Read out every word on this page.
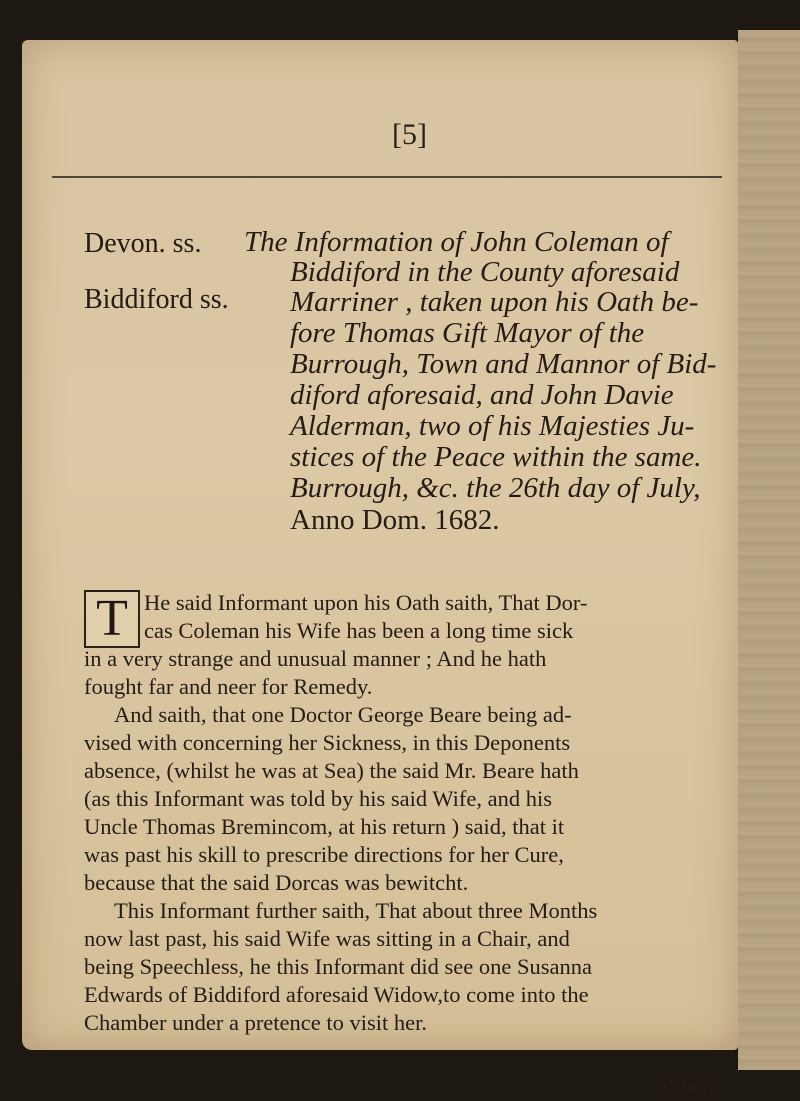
[5]
Devon. ss.
Biddiford ss.
The Information of John Coleman of
Biddiford in the County aforesaid
Marriner , taken upon his Oath be-
fore Thomas Gift Mayor of the
Burrough, Town and Mannor of Bid-
diford aforesaid, and John Davie
Alderman, two of his Majesties Ju-
stices of the Peace within the same.
Burrough, &c. the 26th day of July,
Anno Dom. 1682.
T He said Informant upon his Oath saith, That Dor-
cas Coleman his Wife has been a long time sick
in a very strange and unusual manner ; And he hath
fought far and neer for Remedy.
And saith, that one Doctor George Beare being ad-
vised with concerning her Sickness, in this Deponents
absence, (whilst he was at Sea) the said Mr. Beare hath
(as this Informant was told by his said Wife, and his
Uncle Thomas Bremincom, at his return ) said, that it
was past his skill to prescribe directions for her Cure,
because that the said Dorcas was bewitcht.
This Informant further saith, That about three Months
now last past, his said Wife was sitting in a Chair, and
being Speechless, he this Informant did see one Susanna
Edwards of Biddiford aforesaid Widow,to come into the
Chamber under a pretence to visit her.
Where-
